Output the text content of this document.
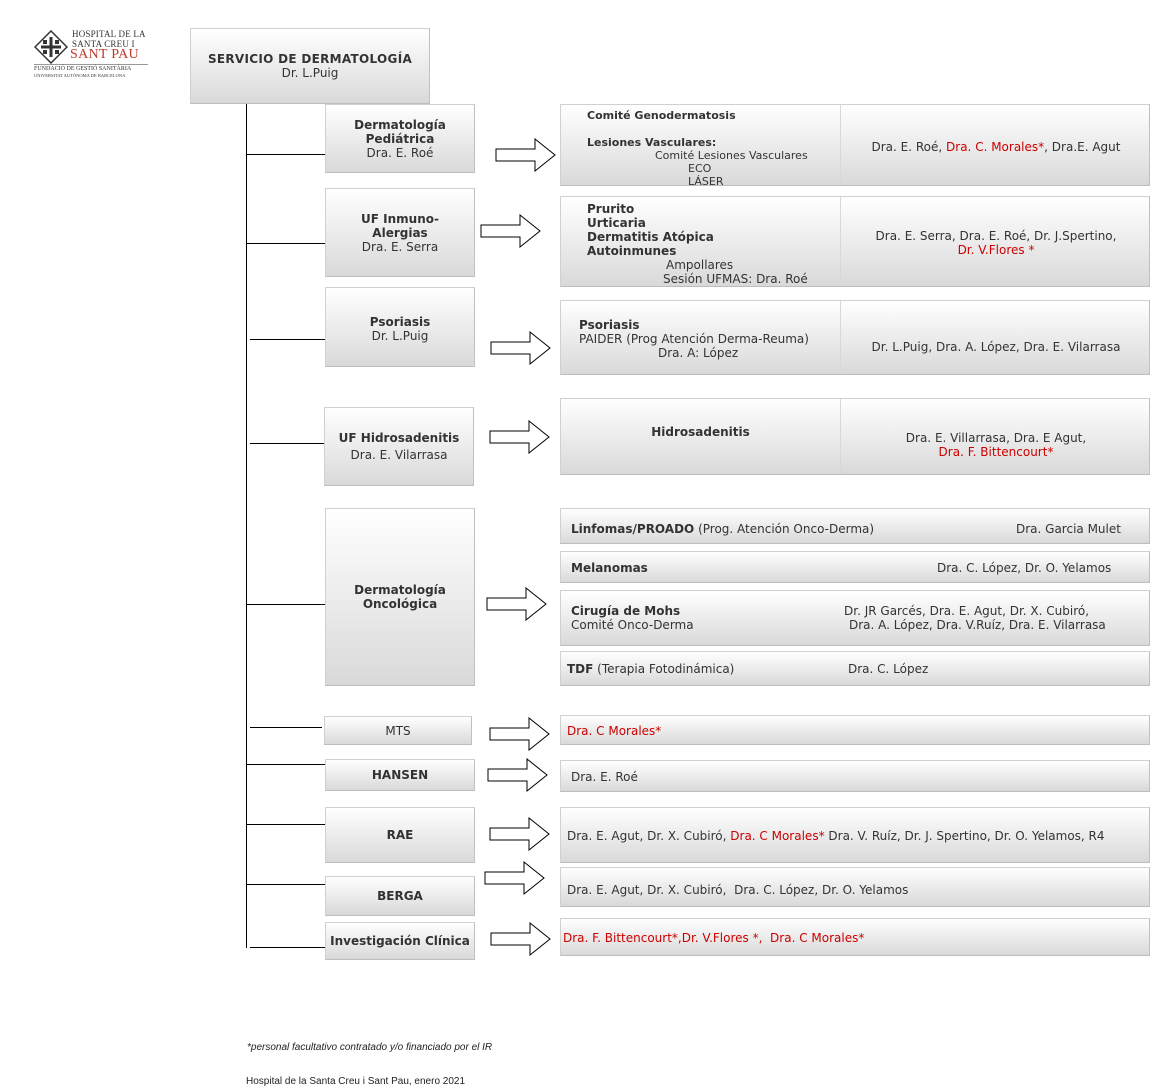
HOSPITAL DE LA
SANTA CREU I
SANT PAU
FUNDACIÓ DE GESTIÓ SANITÀRIA
UNIVERSITAT AUTÒNOMA DE BARCELONA
SERVICIO DE DERMATOLOGÍA
Dr. L.Puig
Dermatología
Pediátrica
Dra. E. Roé
UF Inmuno-
Alergias
Dra. E. Serra
Psoriasis
Dr. L.Puig
UF Hidrosadenitis
Dra. E. Vilarrasa
Dermatología
Oncológica
MTS
HANSEN
RAE
BERGA
Investigación Clínica
Comité Genodermatosis
Lesiones Vasculares:
Comité Lesiones Vasculares
ECO
LÁSER
Dra. E. Roé, Dra. C. Morales*, Dra.E. Agut
Prurito
Urticaria
Dermatitis Atópica
Autoinmunes
Ampollares
Sesión UFMAS: Dra. Roé
Dra. E. Serra, Dra. E. Roé, Dr. J.Spertino,
Dr. V.Flores *
Psoriasis
PAIDER (Prog Atención Derma-Reuma)
Dra. A: López	Dr. L.Puig, Dra. A. López, Dra. E. Vilarrasa
Hidrosadenitis	Dra. E. Villarrasa, Dra. E Agut,
Dra. F. Bittencourt*
Linfomas/PROADO (Prog. Atención Onco-Derma)	Dra. Garcia Mulet
Melanomas	Dra. C. López, Dr. O. Yelamos
Cirugía de Mohs
Comité Onco-Derma
Dr. JR Garcés, Dra. E. Agut, Dr. X. Cubiró,
Dra. A. López, Dra. V.Ruíz, Dra. E. Vilarrasa
TDF (Terapia Fotodinámica)	Dra. C. López
Dra. C Morales*
Dra. E. Roé
Dra. E. Agut, Dr. X. Cubiró, Dra. C Morales* Dra. V. Ruíz, Dr. J. Spertino, Dr. O. Yelamos, R4
Dra. E. Agut, Dr. X. Cubiró,  Dra. C. López, Dr. O. Yelamos
Dra. F. Bittencourt*,Dr. V.Flores *,  Dra. C Morales*
*personal facultativo contratado y/o financiado por el IR
Hospital de la Santa Creu i Sant Pau, enero 2021
